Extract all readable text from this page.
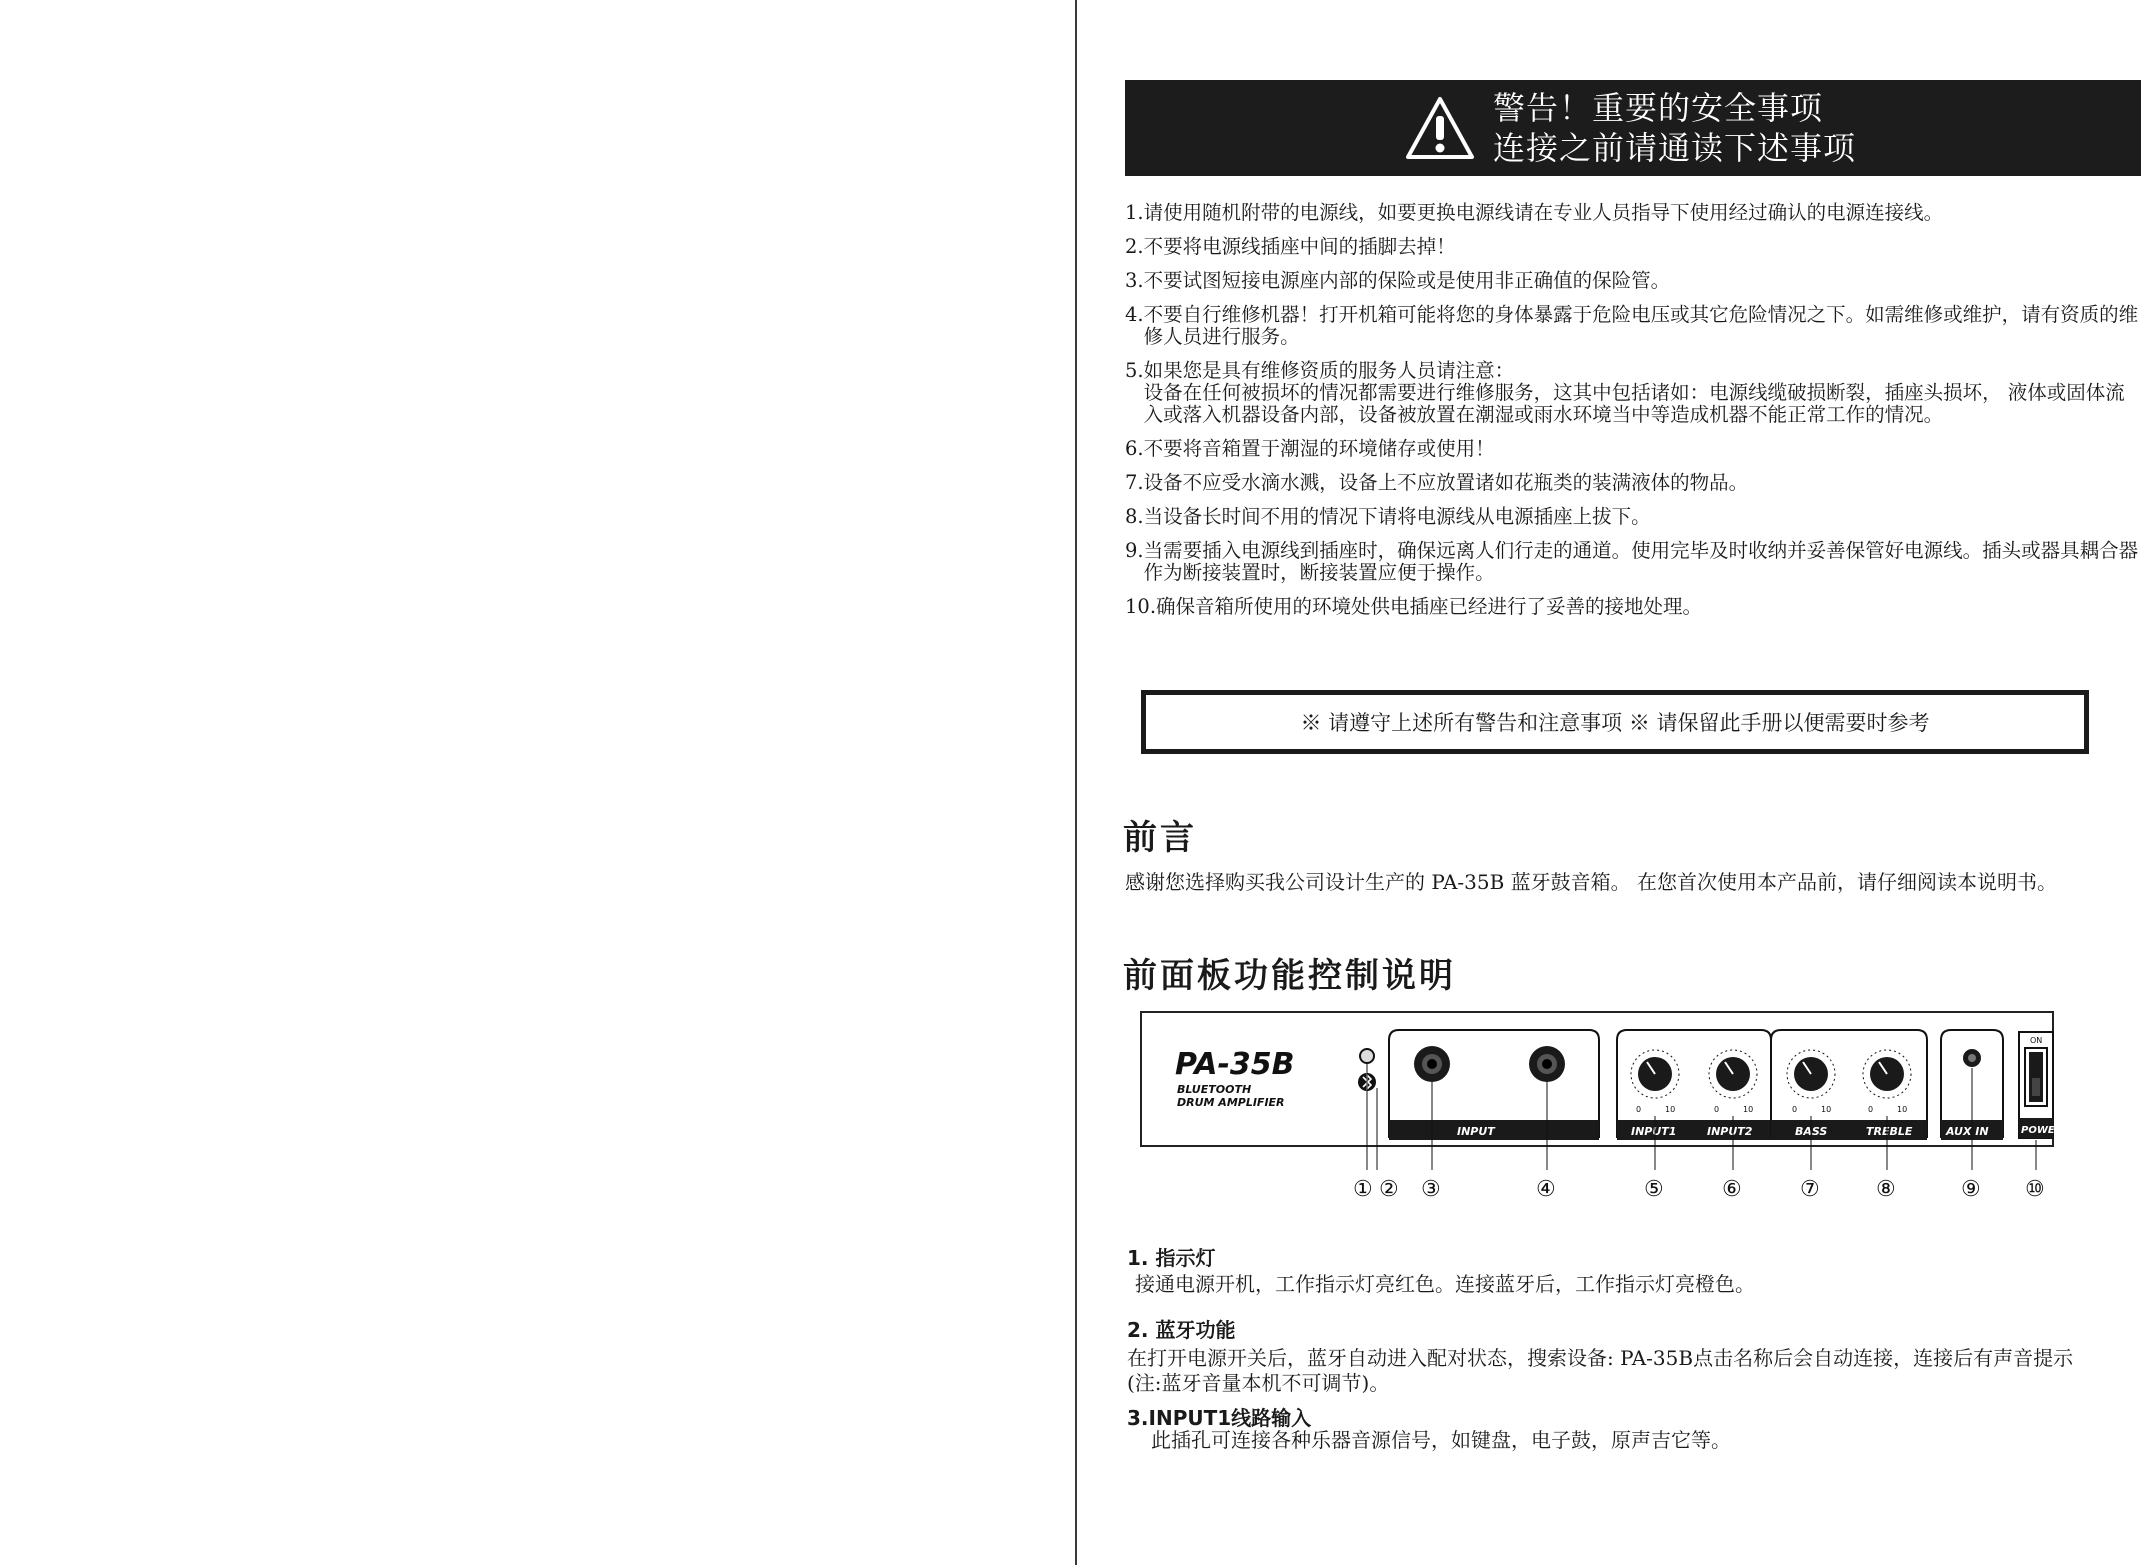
警告！重要的安全事项
连接之前请通读下述事项
1. 请使用随机附带的电源线，如要更换电源线请在专业人员指导下使用经过确认的电源连接线。
2. 不要将电源线插座中间的插脚去掉！
3. 不要试图短接电源座内部的保险或是使用非正确值的保险管。
4. 不要自行维修机器！打开机箱可能将您的身体暴露于危险电压或其它危险情况之下。如需维修或维护，请有资质的维修人员进行服务。
5. 如果您是具有维修资质的服务人员请注意：
设备在任何被损坏的情况都需要进行维修服务，这其中包括诸如：电源线缆破损断裂，插座头损坏， 液体或固体流入或落入机器设备内部，设备被放置在潮湿或雨水环境当中等造成机器不能正常工作的情况。
6. 不要将音箱置于潮湿的环境储存或使用！
7. 设备不应受水滴水溅，设备上不应放置诸如花瓶类的装满液体的物品。
8. 当设备长时间不用的情况下请将电源线从电源插座上拔下。
9. 当需要插入电源线到插座时，确保远离人们行走的通道。使用完毕及时收纳并妥善保管好电源线。插头或器具耦合器作为断接装置时，断接装置应便于操作。
10. 确保音箱所使用的环境处供电插座已经进行了妥善的接地处理。
※ 请遵守上述所有警告和注意事项 ※ 请保留此手册以便需要时参考
前言
感谢您选择购买我公司设计生产的 PA-35B 蓝牙鼓音箱。 在您首次使用本产品前，请仔细阅读本说明书。
前面板功能控制说明
PA-35B
BLUETOOTH
DRUM AMPLIFIER
INPUT	INPUT1	INPUT2
0	10	0	10
BASS	TREBLE
0	10	0	10
AUX IN
ON
POWER
① ② ③	④	⑤	⑥	⑦	⑧	⑨ ⑩
1. 指示灯
接通电源开机，工作指示灯亮红色。连接蓝牙后，工作指示灯亮橙色。
2. 蓝牙功能
在打开电源开关后，蓝牙自动进入配对状态，搜索设备: PA-35B点击名称后会自动连接，连接后有声音提示(注:蓝牙音量本机不可调节)。
3.INPUT1线路输入
此插孔可连接各种乐器音源信号，如键盘，电子鼓，原声吉它等。
